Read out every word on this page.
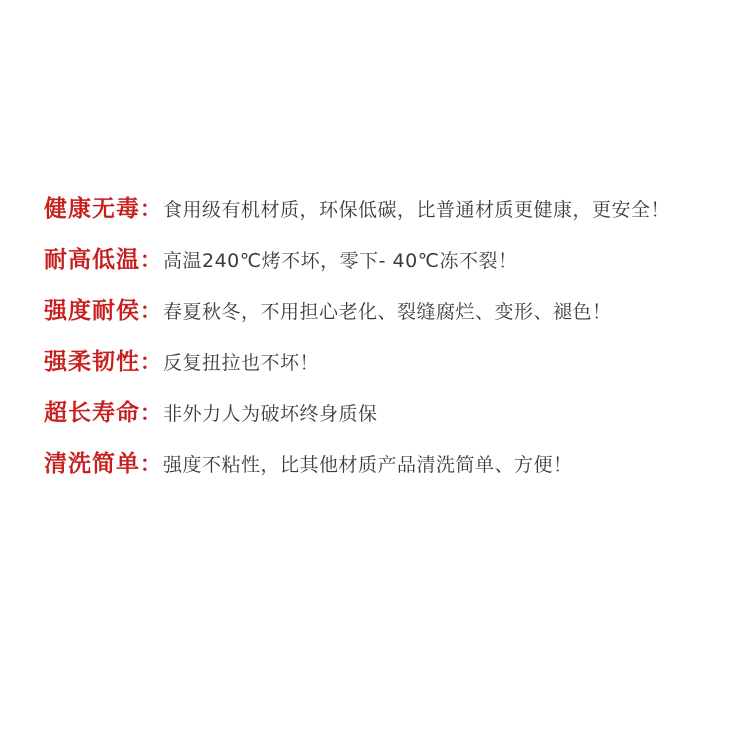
健康无毒 ： 食用级有机材质，环保低碳，比普通材质更健康，更安全！
耐高低温 ： 高温240℃烤不坏，零下- 40℃冻不裂！
强度耐侯 ： 春夏秋冬，不用担心老化、裂缝腐烂、变形、褪色！
强柔韧性 ： 反复扭拉也不坏！
超长寿命 ： 非外力人为破坏终身质保
清洗简单 ： 强度不粘性，比其他材质产品清洗简单、方便！
